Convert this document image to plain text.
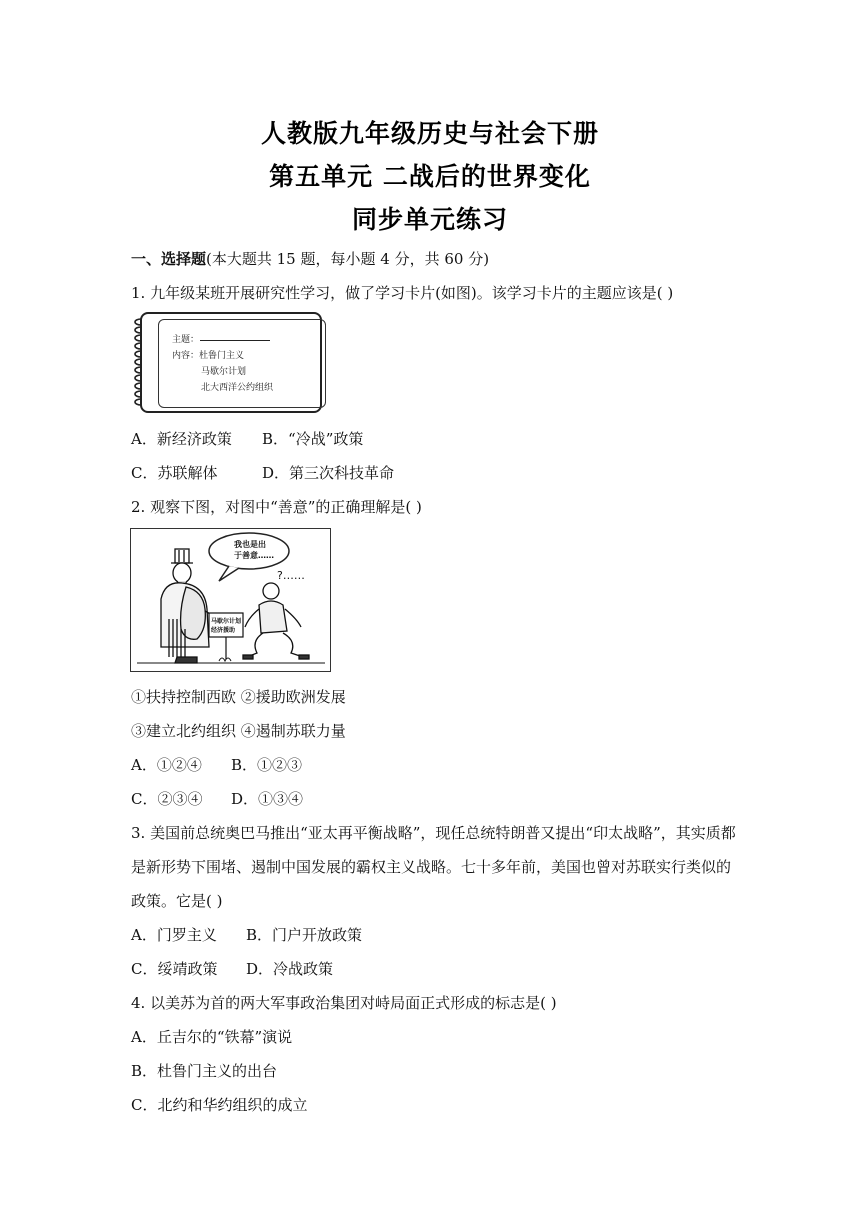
人教版九年级历史与社会下册
第五单元 二战后的世界变化
同步单元练习
一、选择题(本大题共 15 题，每小题 4 分，共 60 分)
1. 九年级某班开展研究性学习，做了学习卡片(如图)。该学习卡片的主题应该是( )
主题：
内容：杜鲁门主义
马歇尔计划
北大西洋公约组织
A．新经济政策 B．“冷战”政策
C．苏联解体	D．第三次科技革命
2. 观察下图，对图中“善意”的正确理解是( )
我也是出
于善意……
?……
马歇尔计划
经济援助
①扶持控制西欧 ②援助欧洲发展
③建立北约组织 ④遏制苏联力量
A．①②④ B．①②③
C．②③④ D．①③④
3. 美国前总统奥巴马推出“亚太再平衡战略”，现任总统特朗普又提出“印太战略”，其实质都
是新形势下围堵、遏制中国发展的霸权主义战略。七十多年前，美国也曾对苏联实行类似的
政策。它是( )
A．门罗主义 B．门户开放政策
C．绥靖政策 D．冷战政策
4. 以美苏为首的两大军事政治集团对峙局面正式形成的标志是( )
A．丘吉尔的“铁幕”演说
B．杜鲁门主义的出台
C．北约和华约组织的成立
